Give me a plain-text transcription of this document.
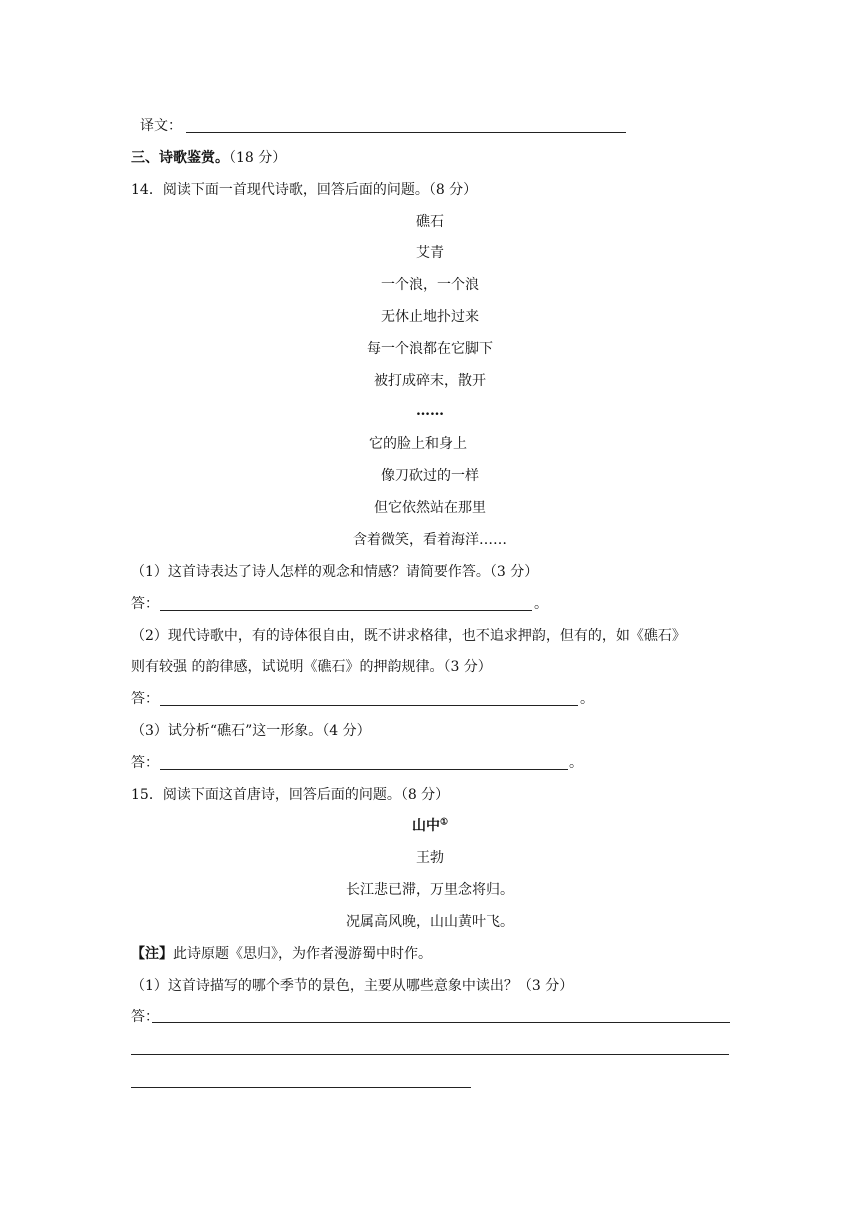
译文：
三、诗歌鉴赏。（18 分）
14．阅读下面一首现代诗歌，回答后面的问题。（8 分）
礁石
艾青
一个浪，一个浪
无休止地扑过来
每一个浪都在它脚下
被打成碎末，散开
……
它的脸上和身上
像刀砍过的一样
但它依然站在那里
含着微笑，看着海洋……
（1）这首诗表达了诗人怎样的观念和情感？请简要作答。（3 分）
答：	。
（2）现代诗歌中，有的诗体很自由，既不讲求格律，也不追求押韵，但有的，如《礁石》
则有较强 的韵律感，试说明《礁石》的押韵规律。（3 分）
答：	。
（3）试分析“礁石”这一形象。（4 分）
答：	。
15．阅读下面这首唐诗，回答后面的问题。（8 分）
山中①
王勃
长江悲已滞，万里念将归。
况属高风晚，山山黄叶飞。
【注】此诗原题《思归》，为作者漫游蜀中时作。
（1）这首诗描写的哪个季节的景色，主要从哪些意象中读出？（3 分）
答：
